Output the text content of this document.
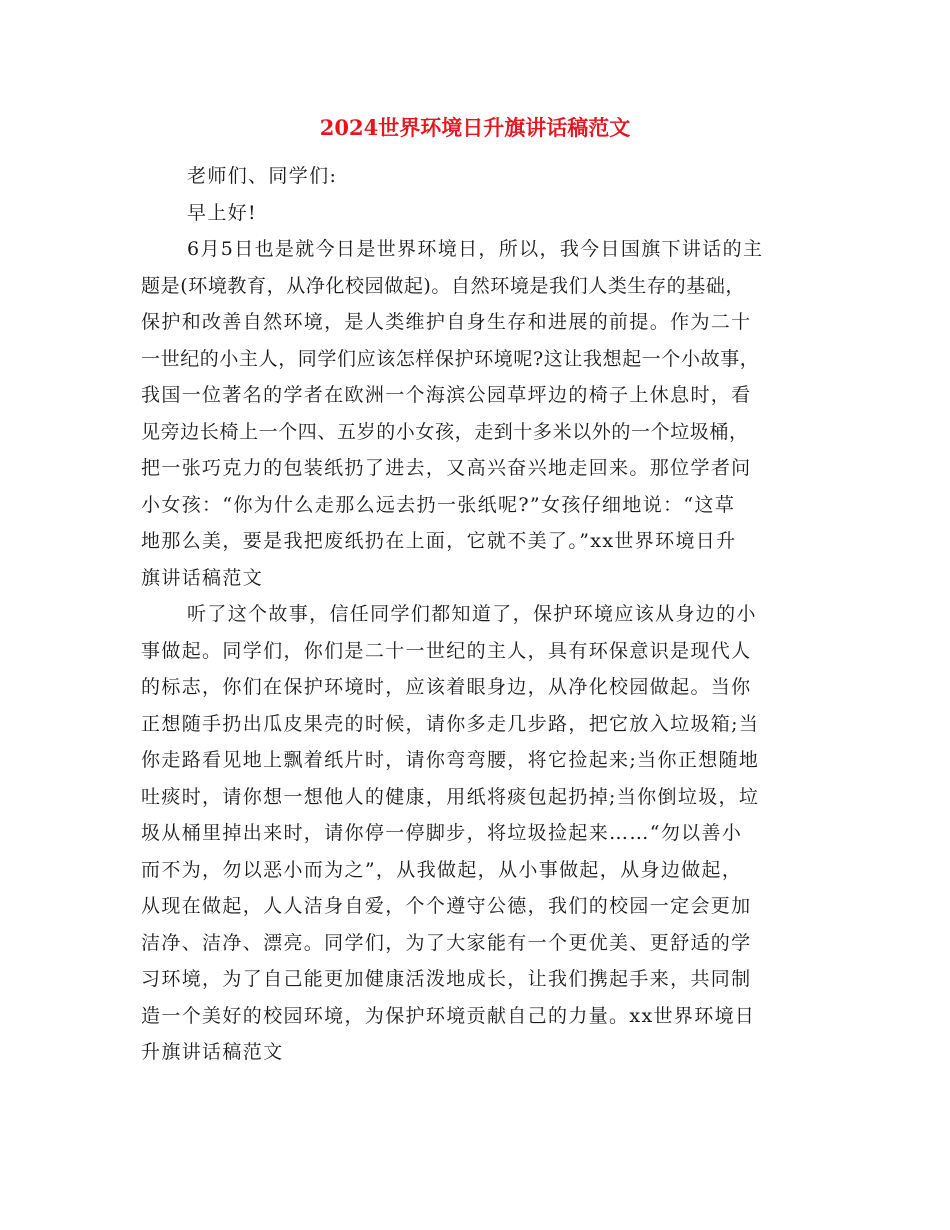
2024世界环境日升旗讲话稿范文
老师们、同学们:
早上好!
6月5日也是就今日是世界环境日，所以，我今日国旗下讲话的主
题是(环境教育，从净化校园做起)。自然环境是我们人类生存的基础，
保护和改善自然环境，是人类维护自身生存和进展的前提。作为二十
一世纪的小主人，同学们应该怎样保护环境呢?这让我想起一个小故事，
我国一位著名的学者在欧洲一个海滨公园草坪边的椅子上休息时，看
见旁边长椅上一个四、五岁的小女孩，走到十多米以外的一个垃圾桶，
把一张巧克力的包装纸扔了进去，又高兴奋兴地走回来。那位学者问
小女孩：“你为什么走那么远去扔一张纸呢?”女孩仔细地说：“这草
地那么美，要是我把废纸扔在上面，它就不美了。”xx世界环境日升
旗讲话稿范文
听了这个故事，信任同学们都知道了，保护环境应该从身边的小
事做起。同学们，你们是二十一世纪的主人，具有环保意识是现代人
的标志，你们在保护环境时，应该着眼身边，从净化校园做起。当你
正想随手扔出瓜皮果壳的时候，请你多走几步路，把它放入垃圾箱;当
你走路看见地上飘着纸片时，请你弯弯腰，将它捡起来;当你正想随地
吐痰时，请你想一想他人的健康，用纸将痰包起扔掉;当你倒垃圾，垃
圾从桶里掉出来时，请你停一停脚步，将垃圾捡起来……“勿以善小
而不为，勿以恶小而为之”，从我做起，从小事做起，从身边做起，
从现在做起，人人洁身自爱，个个遵守公德，我们的校园一定会更加
洁净、洁净、漂亮。同学们，为了大家能有一个更优美、更舒适的学
习环境，为了自己能更加健康活泼地成长，让我们携起手来，共同制
造一个美好的校园环境，为保护环境贡献自己的力量。xx世界环境日
升旗讲话稿范文
